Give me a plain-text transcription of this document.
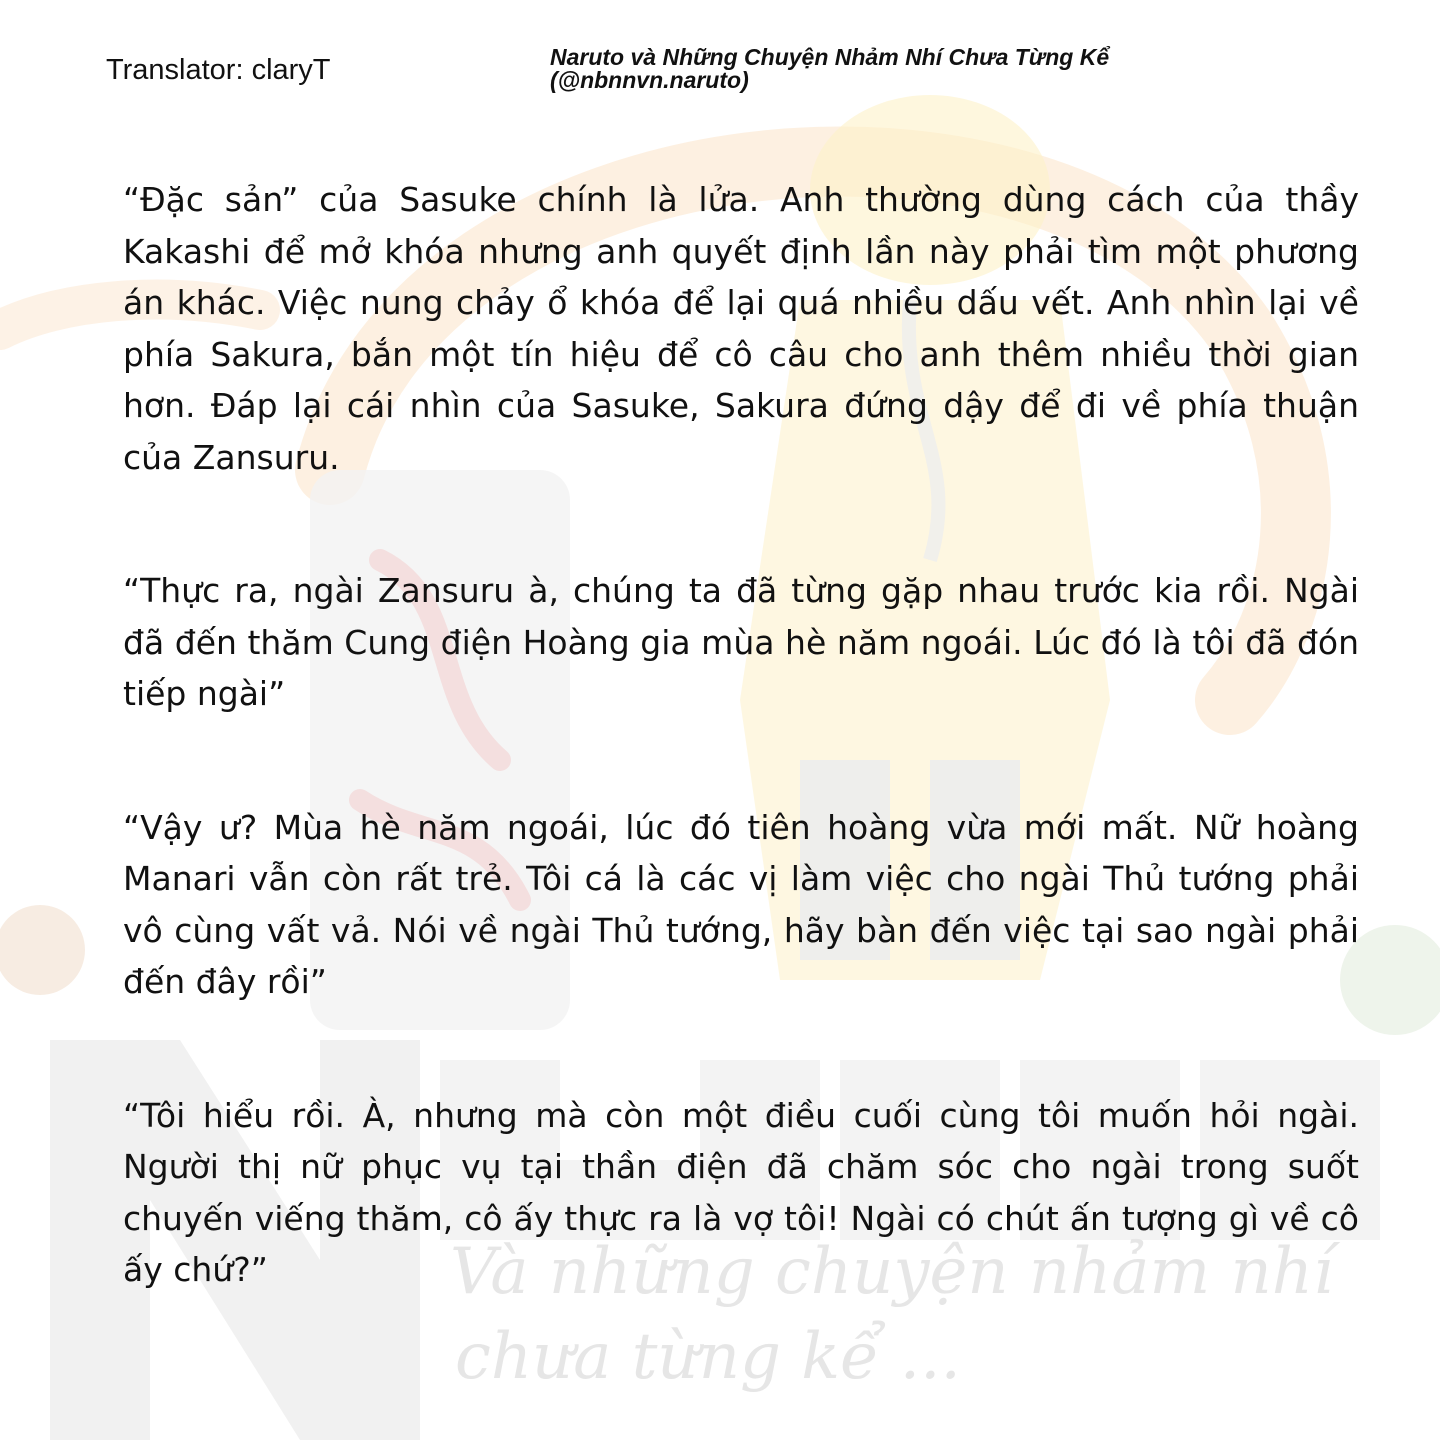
Và những chuyện nhảm nhí
chưa từng kể ...
Translator: claryT	Naruto và Những Chuyện Nhảm Nhí Chưa Từng Kể
(@nbnnvn.naruto)

“Đặc sản” của Sasuke chính là lửa. Anh thường dùng cách của thầy Kakashi để mở khóa nhưng anh quyết định lần này phải tìm một phương án khác. Việc nung chảy ổ khóa để lại quá nhiều dấu vết. Anh nhìn lại về phía Sakura, bắn một tín hiệu để cô câu cho anh thêm nhiều thời gian hơn. Đáp lại cái nhìn của Sasuke, Sakura đứng dậy để đi về phía thuận của Zansuru.

“Thực ra, ngài Zansuru à, chúng ta đã từng gặp nhau trước kia rồi. Ngài đã đến thăm Cung điện Hoàng gia mùa hè năm ngoái. Lúc đó là tôi đã đón tiếp ngài”

“Vậy ư? Mùa hè năm ngoái, lúc đó tiên hoàng vừa mới mất. Nữ hoàng Manari vẫn còn rất trẻ. Tôi cá là các vị làm việc cho ngài Thủ tướng phải vô cùng vất vả. Nói về ngài Thủ tướng, hãy bàn đến việc tại sao ngài phải đến đây rồi”

“Tôi hiểu rồi. À, nhưng mà còn một điều cuối cùng tôi muốn hỏi ngài. Người thị nữ phục vụ tại thần điện đã chăm sóc cho ngài trong suốt chuyến viếng thăm, cô ấy thực ra là vợ tôi! Ngài có chút ấn tượng gì về cô ấy chứ?”
